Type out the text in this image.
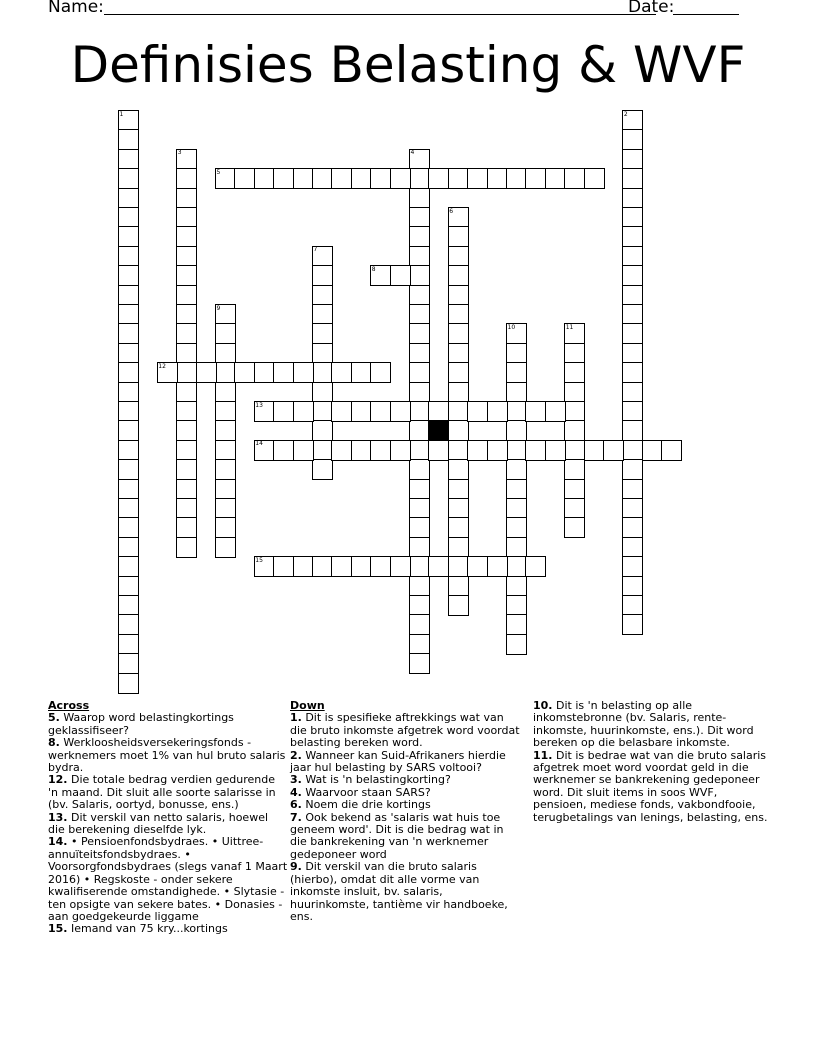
Name:	Date:
Definisies Belasting & WVF
1	2
3	4
5
6
7
8
9
10	11
12
13
14
15
Across
5. Waarop word belastingkortings geklassifiseer?
8. Werkloosheidsversekeringsfonds - werknemers moet 1% van hul bruto salaris bydra.
12. Die totale bedrag verdien gedurende 'n maand. Dit sluit alle soorte salarisse in (bv. Salaris, oortyd, bonusse, ens.)
13. Dit verskil van netto salaris, hoewel die berekening dieselfde lyk.
14. • Pensioenfondsbydraes. • Uittree-annuïteitsfondsbydraes. • Voorsorgfondsbydraes (slegs vanaf 1 Maart 2016) • Regskoste - onder sekere kwalifiserende omstandighede. • Slytasie - ten opsigte van sekere bates. • Donasies - aan goedgekeurde liggame
15. Iemand van 75 kry...kortings
Down
1. Dit is spesifieke aftrekkings wat van die bruto inkomste afgetrek word voordat belasting bereken word.
2. Wanneer kan Suid-Afrikaners hierdie jaar hul belasting by SARS voltooi?
3. Wat is 'n belastingkorting?
4. Waarvoor staan SARS?
6. Noem die drie kortings
7. Ook bekend as 'salaris wat huis toe geneem word'. Dit is die bedrag wat in die bankrekening van 'n werknemer gedeponeer word
9. Dit verskil van die bruto salaris (hierbo), omdat dit alle vorme van inkomste insluit, bv. salaris, huurinkomste, tantième vir handboeke, ens.
10. Dit is 'n belasting op alle inkomstebronne (bv. Salaris, rente-inkomste, huurinkomste, ens.). Dit word bereken op die belasbare inkomste.
11. Dit is bedrae wat van die bruto salaris afgetrek moet word voordat geld in die werknemer se bankrekening gedeponeer word. Dit sluit items in soos WVF, pensioen, mediese fonds, vakbondfooie, terugbetalings van lenings, belasting, ens.
